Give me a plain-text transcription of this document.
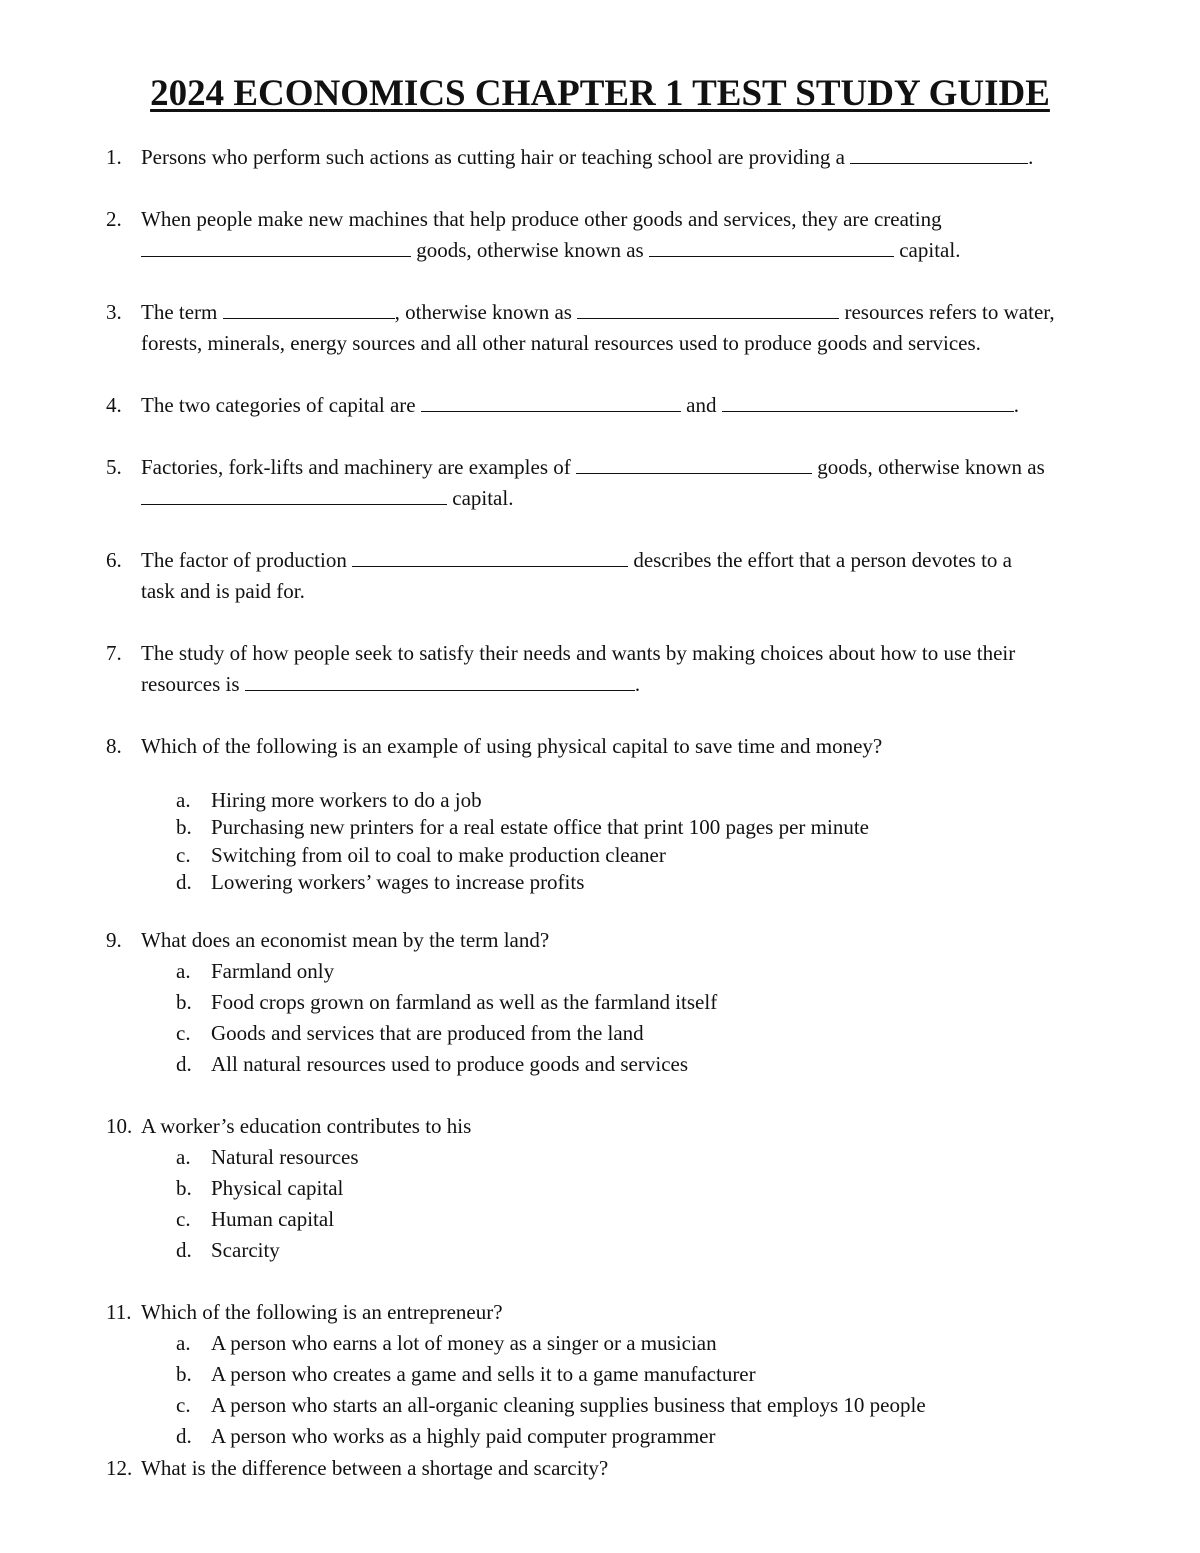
2024 ECONOMICS CHAPTER 1 TEST STUDY GUIDE
1. Persons who perform such actions as cutting hair or teaching school are providing a	.
2. When people make new machines that help produce other goods and services, they are creating
goods, otherwise known as	capital.
3. The term	, otherwise known as	resources refers to water,
forests, minerals, energy sources and all other natural resources used to produce goods and services.
4. The two categories of capital are	and	.
5. Factories, fork-lifts and machinery are examples of	goods, otherwise known as
capital.
6. The factor of production	describes the effort that a person devotes to a
task and is paid for.
7. The study of how people seek to satisfy their needs and wants by making choices about how to use their
resources is	.
8. Which of the following is an example of using physical capital to save time and money?
a. Hiring more workers to do a job
b. Purchasing new printers for a real estate office that print 100 pages per minute
c. Switching from oil to coal to make production cleaner
d. Lowering workers’ wages to increase profits
9. What does an economist mean by the term land?
a. Farmland only
b. Food crops grown on farmland as well as the farmland itself
c. Goods and services that are produced from the land
d. All natural resources used to produce goods and services
10. A worker’s education contributes to his
a. Natural resources
b. Physical capital
c. Human capital
d. Scarcity
11. Which of the following is an entrepreneur?
a. A person who earns a lot of money as a singer or a musician
b. A person who creates a game and sells it to a game manufacturer
c. A person who starts an all-organic cleaning supplies business that employs 10 people
d. A person who works as a highly paid computer programmer
12. What is the difference between a shortage and scarcity?
